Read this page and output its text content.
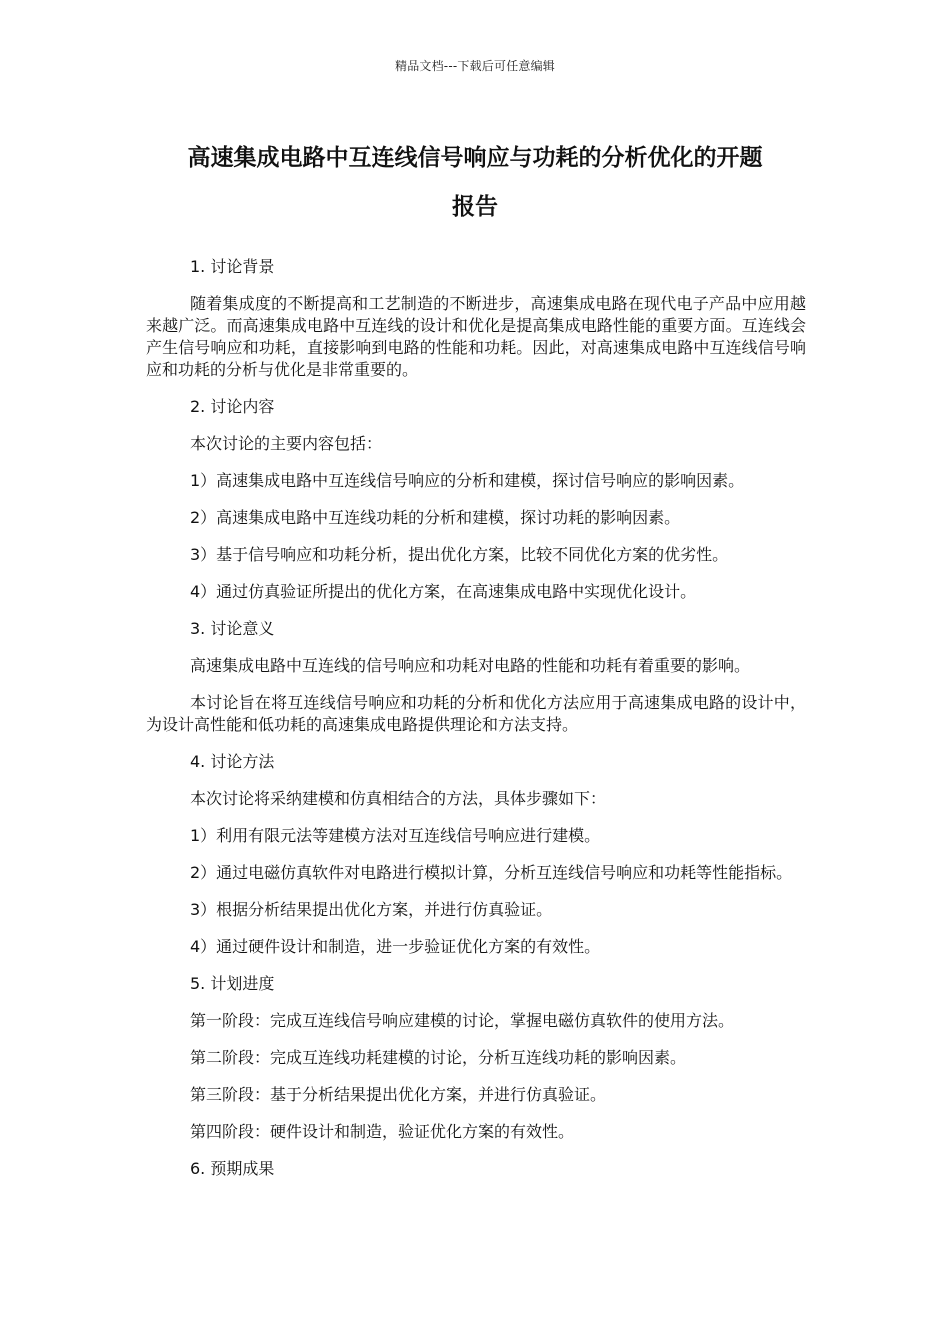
精品文档---下载后可任意编辑
高速集成电路中互连线信号响应与功耗的分析优化的开题
报告

1. 讨论背景

随着集成度的不断提高和工艺制造的不断进步，高速集成电路在现代电子产品中应用越来越广泛。而高速集成电路中互连线的设计和优化是提高集成电路性能的重要方面。互连线会产生信号响应和功耗，直接影响到电路的性能和功耗。因此，对高速集成电路中互连线信号响应和功耗的分析与优化是非常重要的。

2. 讨论内容

本次讨论的主要内容包括：

1）高速集成电路中互连线信号响应的分析和建模，探讨信号响应的影响因素。

2）高速集成电路中互连线功耗的分析和建模，探讨功耗的影响因素。

3）基于信号响应和功耗分析，提出优化方案，比较不同优化方案的优劣性。

4）通过仿真验证所提出的优化方案，在高速集成电路中实现优化设计。

3. 讨论意义

高速集成电路中互连线的信号响应和功耗对电路的性能和功耗有着重要的影响。

本讨论旨在将互连线信号响应和功耗的分析和优化方法应用于高速集成电路的设计中，为设计高性能和低功耗的高速集成电路提供理论和方法支持。

4. 讨论方法

本次讨论将采纳建模和仿真相结合的方法，具体步骤如下：

1）利用有限元法等建模方法对互连线信号响应进行建模。

2）通过电磁仿真软件对电路进行模拟计算，分析互连线信号响应和功耗等性能指标。

3）根据分析结果提出优化方案，并进行仿真验证。

4）通过硬件设计和制造，进一步验证优化方案的有效性。

5. 计划进度

第一阶段：完成互连线信号响应建模的讨论，掌握电磁仿真软件的使用方法。

第二阶段：完成互连线功耗建模的讨论，分析互连线功耗的影响因素。

第三阶段：基于分析结果提出优化方案，并进行仿真验证。

第四阶段：硬件设计和制造，验证优化方案的有效性。

6. 预期成果
